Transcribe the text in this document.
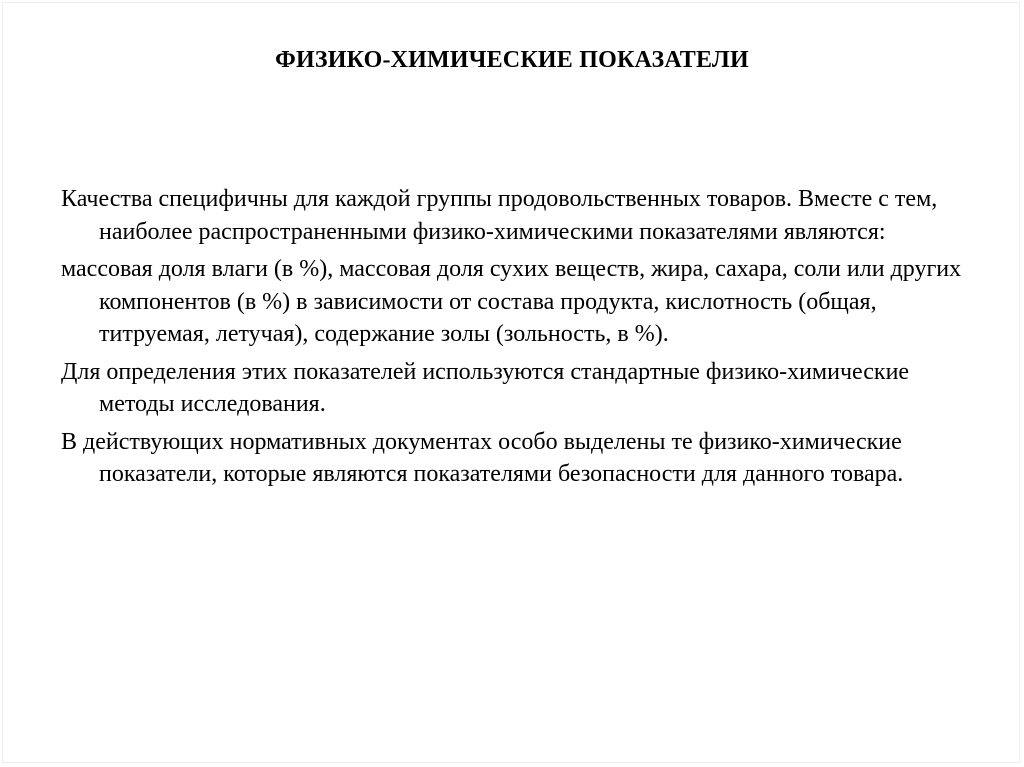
ФИЗИКО-ХИМИЧЕСКИЕ ПОКАЗАТЕЛИ

Качества специфичны для каждой группы продовольственных товаров. Вместе с тем, наиболее распространенными физико-химическими показателями являются:

массовая доля влаги (в %), массовая доля сухих веществ, жира, сахара, соли или других компонентов (в %) в зависимости от состава продукта, кислотность (общая, титруемая, летучая), содержание золы (зольность, в %).

Для определения этих показателей используются стандартные физико-химические методы исследования.

В действующих нормативных документах особо выделены те физико-химические показатели, которые являются показателями безопасности для данного товара.
